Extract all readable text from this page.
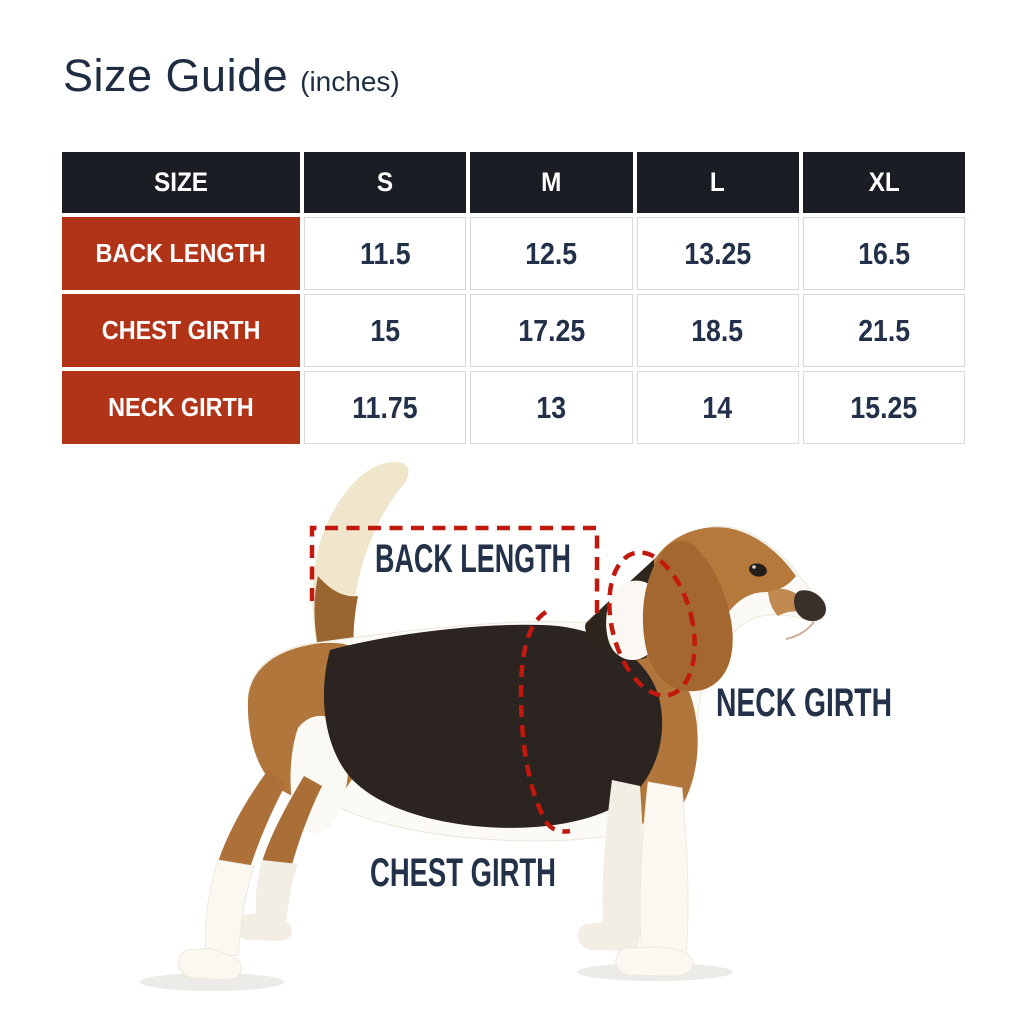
Size Guide (inches)
SIZE	S	M	L	XL
BACK LENGTH	11.5	12.5	13.25	16.5
CHEST GIRTH	15	17.25	18.5	21.5
NECK GIRTH	11.75	13	14	15.25
BACK LENGTH
NECK GIRTH
CHEST GIRTH
